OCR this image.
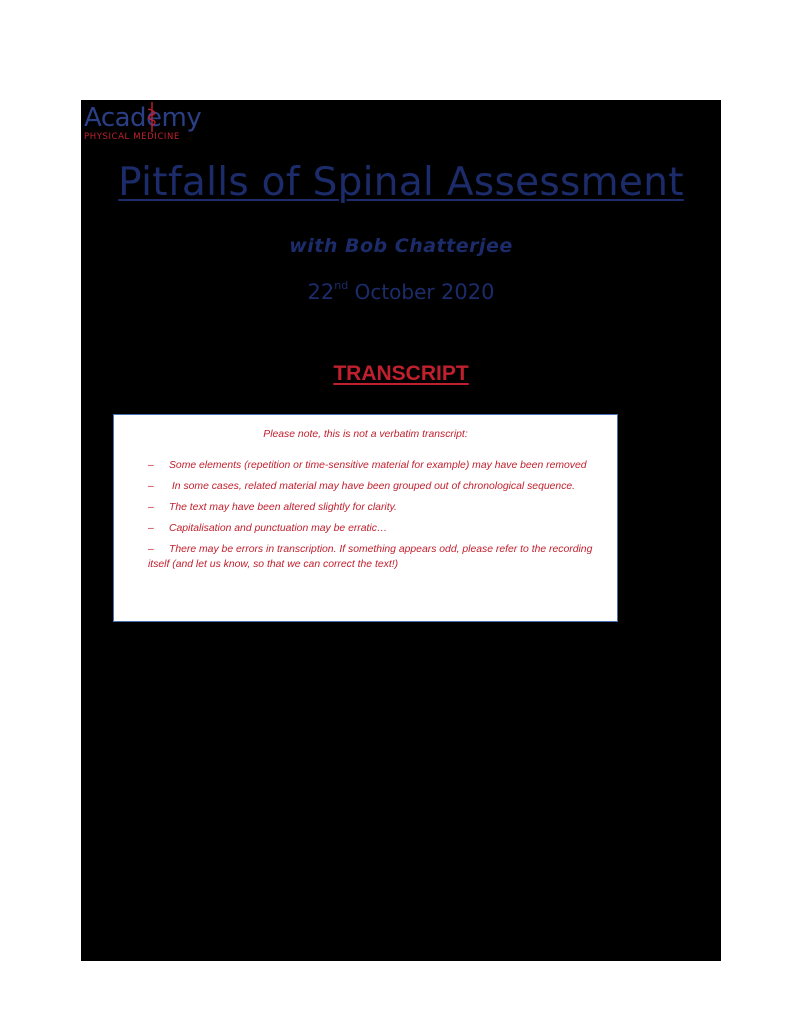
Academy
PHYSICAL MEDICINE
Pitfalls of Spinal Assessment
with Bob Chatterjee
22nd October 2020
TRANSCRIPT
Please note, this is not a verbatim transcript:
– Some elements (repetition or time-sensitive material for example) may have been removed
– In some cases, related material may have been grouped out of chronological sequence.
– The text may have been altered slightly for clarity.
– Capitalisation and punctuation may be erratic…
– There may be errors in transcription. If something appears odd, please refer to the recording itself (and let us know, so that we can correct the text!)
